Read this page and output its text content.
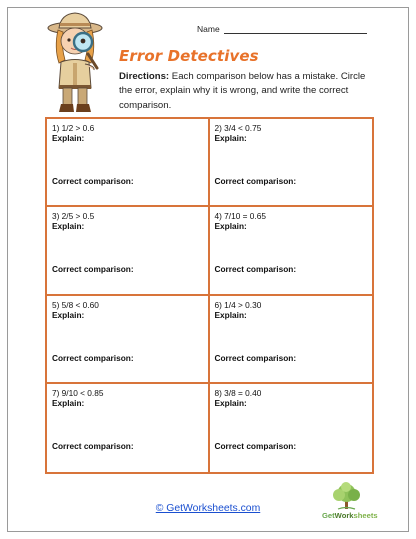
Name
Error Detectives
Directions: Each comparison below has a mistake. Circle the error, explain why it is wrong, and write the correct comparison.
1) 1/2 > 0.6
Explain:
Correct comparison:
2) 3/4 < 0.75
Explain:
Correct comparison:
3) 2/5 > 0.5
Explain:
Correct comparison:
4) 7/10 = 0.65
Explain:
Correct comparison:
5) 5/8 < 0.60
Explain:
Correct comparison:
6) 1/4 > 0.30
Explain:
Correct comparison:
7) 9/10 < 0.85
Explain:
Correct comparison:
8) 3/8 = 0.40
Explain:
Correct comparison:
© GetWorksheets.com
GetWorksheets
